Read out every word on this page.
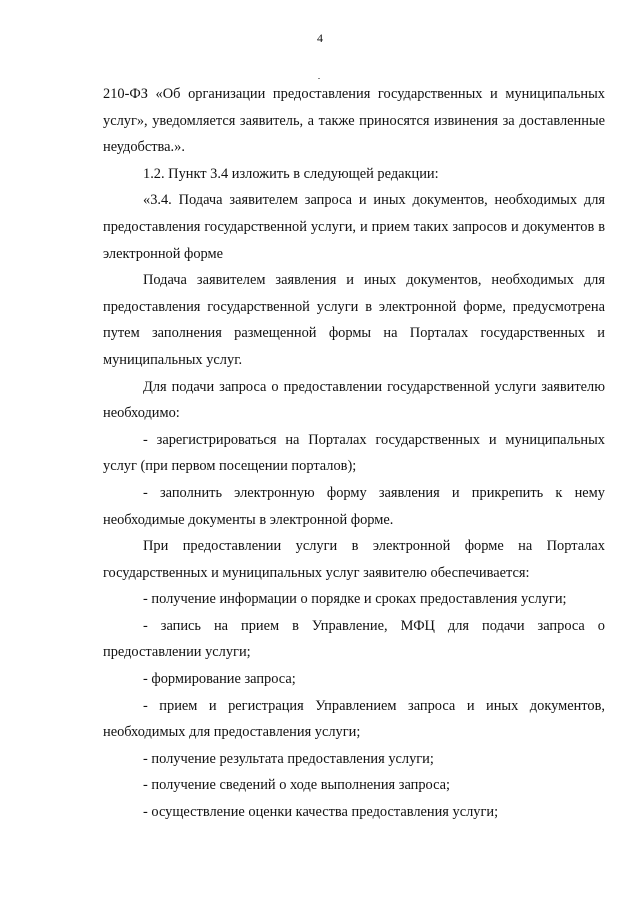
4

210-ФЗ «Об организации предоставления государственных и муниципальных услуг», уведомляется заявитель, а также приносятся извинения за доставленные неудобства.».

1.2. Пункт 3.4 изложить в следующей редакции:

«3.4. Подача заявителем запроса и иных документов, необходимых для предоставления государственной услуги, и прием таких запросов и документов в электронной форме

Подача заявителем заявления и иных документов, необходимых для предоставления государственной услуги в электронной форме, предусмотрена путем заполнения размещенной формы на Порталах государственных и муниципальных услуг.

Для подачи запроса о предоставлении государственной услуги заявителю необходимо:

- зарегистрироваться на Порталах государственных и муниципальных услуг (при первом посещении порталов);

- заполнить электронную форму заявления и прикрепить к нему необходимые документы в электронной форме.

При предоставлении услуги в электронной форме на Порталах государственных и муниципальных услуг заявителю обеспечивается:

- получение информации о порядке и сроках предоставления услуги;

- запись на прием в Управление, МФЦ для подачи запроса о предоставлении услуги;

- формирование запроса;

- прием и регистрация Управлением запроса и иных документов, необходимых для предоставления услуги;

- получение результата предоставления услуги;

- получение сведений о ходе выполнения запроса;

- осуществление оценки качества предоставления услуги;
